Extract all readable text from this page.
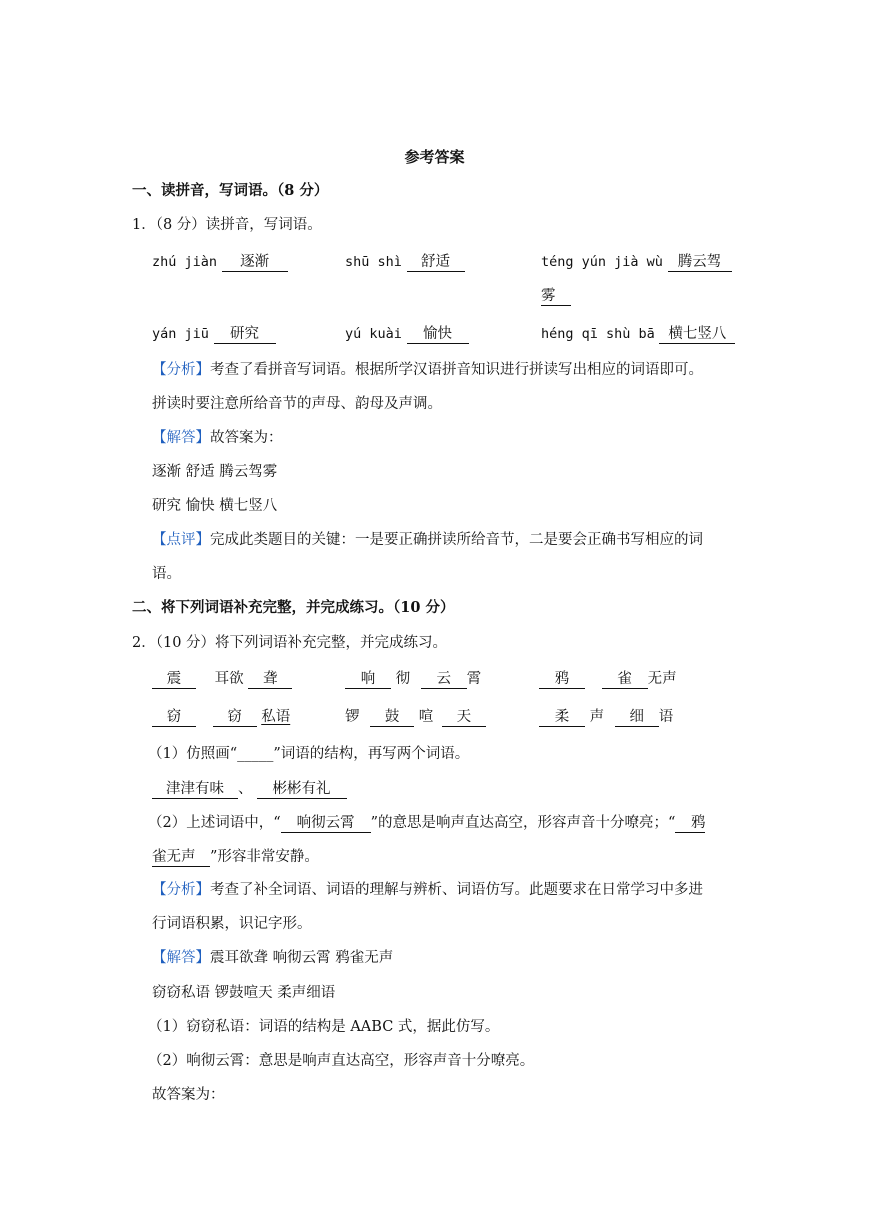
参考答案
一、读拼音，写词语。（8 分）
1．（8 分）读拼音，写词语。
zhú jiàn 逐渐	shū shì 舒适	téng yún jià wù 腾云驾
雾
yán jiū 研究	yú kuài 愉快	héng qī shù bā 横七竖八
【分析】考查了看拼音写词语。根据所学汉语拼音知识进行拼读写出相应的词语即可。
拼读时要注意所给音节的声母、韵母及声调。
【解答】故答案为：
逐渐 舒适 腾云驾雾
研究 愉快 横七竖八
【点评】完成此类题目的关键：一是要正确拼读所给音节，二是要会正确书写相应的词
语。
二、将下列词语补充完整，并完成练习。（10 分）
2．（10 分）将下列词语补充完整，并完成练习。
震 耳欲 聋	响 彻 云 霄	鸦	雀 无声
窃	窃 私语	锣 鼓 喧 天	柔 声 细 语
（1）仿照画“_____”词语的结构，再写两个词语。
津津有味 、 彬彬有礼
（2）上述词语中，“ 响彻云霄 ”的意思是响声直达高空，形容声音十分嘹亮；“ 鸦
雀无声 ”形容非常安静。
【分析】考查了补全词语、词语的理解与辨析、词语仿写。此题要求在日常学习中多进
行词语积累，识记字形。
【解答】震耳欲聋 响彻云霄 鸦雀无声
窃窃私语 锣鼓喧天 柔声细语
（1）窃窃私语：词语的结构是 AABC 式，据此仿写。
（2）响彻云霄：意思是响声直达高空，形容声音十分嘹亮。
故答案为：
